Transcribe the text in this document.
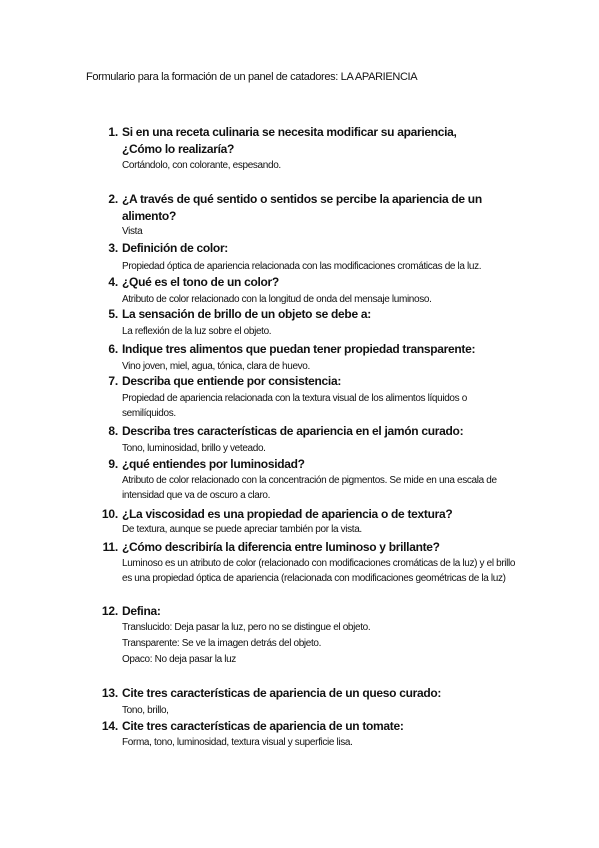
Formulario para la formación de un panel de catadores: LA APARIENCIA
1. Si en una receta culinaria se necesita modificar su apariencia, ¿Cómo lo realizaría?
Cortándolo, con colorante, espesando.
2. ¿A través de qué sentido o sentidos se percibe la apariencia de un alimento?
Vista
3. Definición de color:
Propiedad óptica de apariencia relacionada con las modificaciones cromáticas de la luz.
4. ¿Qué es el tono de un color?
Atributo de color relacionado con la longitud de onda del mensaje luminoso.
5. La sensación de brillo de un objeto se debe a:
La reflexión de la luz sobre el objeto.
6. Indique tres alimentos que puedan tener propiedad transparente:
Vino joven, miel, agua, tónica, clara de huevo.
7. Describa que entiende por consistencia:
Propiedad de apariencia relacionada con la textura visual de los alimentos líquidos o semilíquidos.
8. Describa tres características de apariencia en el jamón curado:
Tono, luminosidad, brillo y veteado.
9. ¿qué entiendes por luminosidad?
Atributo de color relacionado con la concentración de pigmentos. Se mide en una escala de intensidad que va de oscuro a claro.
10. ¿La viscosidad es una propiedad de apariencia o de textura?
De textura, aunque se puede apreciar también por la vista.
11. ¿Cómo describiría la diferencia entre luminoso y brillante?
Luminoso es un atributo de color (relacionado con modificaciones cromáticas de la luz) y el brillo es una propiedad óptica de apariencia (relacionada con modificaciones geométricas de la luz)
12. Defina:
Translucido: Deja pasar la luz, pero no se distingue el objeto.
Transparente: Se ve la imagen detrás del objeto.
Opaco: No deja pasar la luz
13. Cite tres características de apariencia de un queso curado:
Tono, brillo,
14. Cite tres características de apariencia de un tomate:
Forma, tono, luminosidad, textura visual y superficie lisa.
